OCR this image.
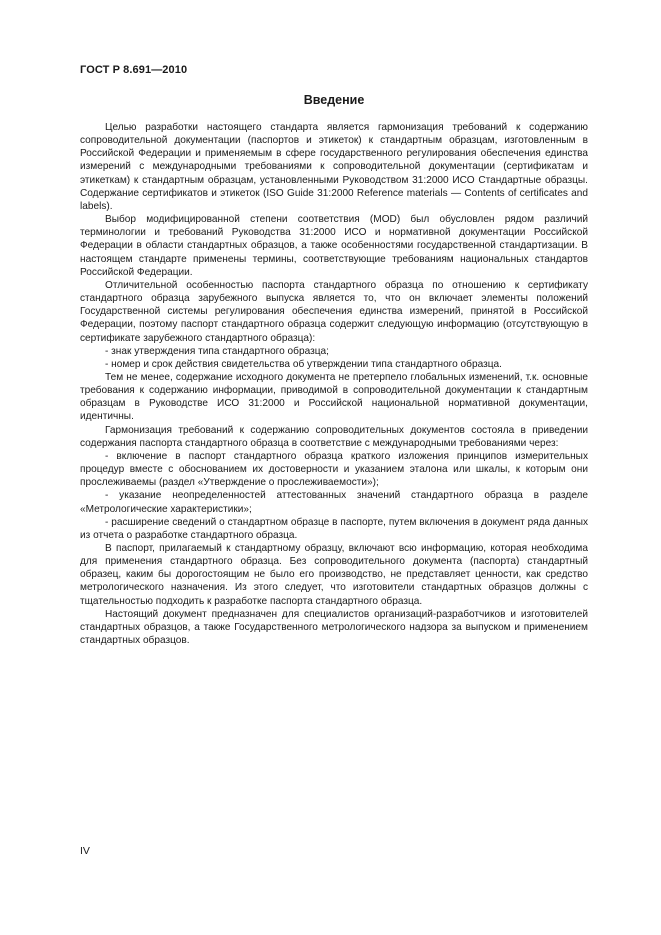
ГОСТ Р 8.691—2010
Введение

Целью разработки настоящего стандарта является гармонизация требований к содержанию сопроводительной документации (паспортов и этикеток) к стандартным образцам, изготовленным в Российской Федерации и применяемым в сфере государственного регулирования обеспечения единства измерений с международными требованиями к сопроводительной документации (сертификатам и этикеткам) к стандартным образцам, установленными Руководством 31:2000 ИСО Стандартные образцы. Содержание сертификатов и этикеток (ISO Guide 31:2000 Reference materials — Contents of certificates and labels).

Выбор модифицированной степени соответствия (MOD) был обусловлен рядом различий терминологии и требований Руководства 31:2000 ИСО и нормативной документации Российской Федерации в области стандартных образцов, а также особенностями государственной стандартизации. В настоящем стандарте применены термины, соответствующие требованиям национальных стандартов Российской Федерации.

Отличительной особенностью паспорта стандартного образца по отношению к сертификату стандартного образца зарубежного выпуска является то, что он включает элементы положений Государственной системы регулирования обеспечения единства измерений, принятой в Российской Федерации, поэтому паспорт стандартного образца содержит следующую информацию (отсутствующую в сертификате зарубежного стандартного образца):

- знак утверждения типа стандартного образца;

- номер и срок действия свидетельства об утверждении типа стандартного образца.

Тем не менее, содержание исходного документа не претерпело глобальных изменений, т.к. основные требования к содержанию информации, приводимой в сопроводительной документации к стандартным образцам в Руководстве ИСО 31:2000 и Российской национальной нормативной документации, идентичны.

Гармонизация требований к содержанию сопроводительных документов состояла в приведении содержания паспорта стандартного образца в соответствие с международными требованиями через:

- включение в паспорт стандартного образца краткого изложения принципов измерительных процедур вместе с обоснованием их достоверности и указанием эталона или шкалы, к которым они прослеживаемы (раздел «Утверждение о прослеживаемости»);

- указание неопределенностей аттестованных значений стандартного образца в разделе «Метрологические характеристики»;

- расширение сведений о стандартном образце в паспорте, путем включения в документ ряда данных из отчета о разработке стандартного образца.

В паспорт, прилагаемый к стандартному образцу, включают всю информацию, которая необходима для применения стандартного образца. Без сопроводительного документа (паспорта) стандартный образец, каким бы дорогостоящим не было его производство, не представляет ценности, как средство метрологического назначения. Из этого следует, что изготовители стандартных образцов должны с тщательностью подходить к разработке паспорта стандартного образца.

Настоящий документ предназначен для специалистов организаций-разработчиков и изготовителей стандартных образцов, а также Государственного метрологического надзора за выпуском и применением стандартных образцов.

IV
